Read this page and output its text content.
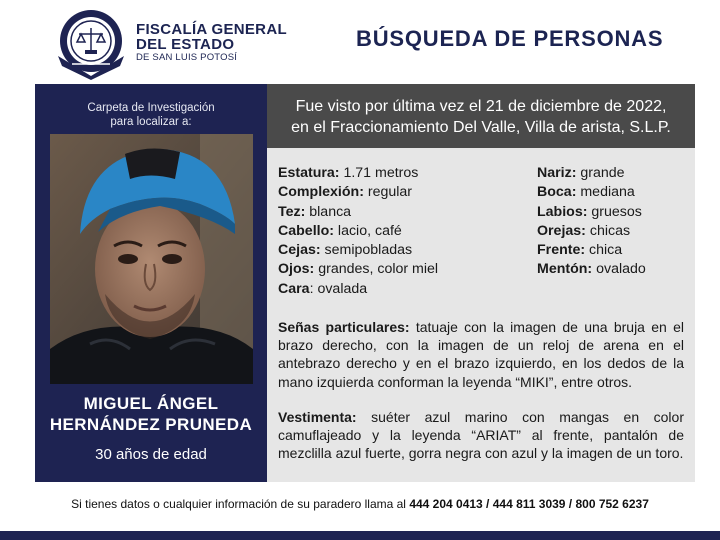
FISCALÍA GENERAL
DEL ESTADO
DE SAN LUIS POTOSÍ
BÚSQUEDA DE PERSONAS
Carpeta de Investigación
para localizar a:
MIGUEL ÁNGEL
HERNÁNDEZ PRUNEDA
30 años de edad
Fue visto por última vez el 21 de diciembre de 2022,
en el Fraccionamiento Del Valle, Villa de arista, S.L.P.
Estatura: 1.71 metros
Complexión: regular
Tez: blanca
Cabello: lacio, café
Cejas: semipobladas
Ojos: grandes, color miel
Cara: ovalada
Nariz: grande
Boca: mediana
Labios: gruesos
Orejas: chicas
Frente: chica
Mentón: ovalado
Señas particulares: tatuaje con la imagen de una bruja en el brazo derecho, con la imagen de un reloj de arena en el antebrazo derecho y en el brazo izquierdo, en los dedos de la mano izquierda conforman la leyenda “MIKI”, entre otros.
Vestimenta: suéter azul marino con mangas en color camuflajeado y la leyenda “ARIAT” al frente, pantalón de mezclilla azul fuerte, gorra negra con azul y la imagen de un toro.
Si tienes datos o cualquier información de su paradero llama al 444 204 0413 / 444 811 3039 / 800 752 6237
